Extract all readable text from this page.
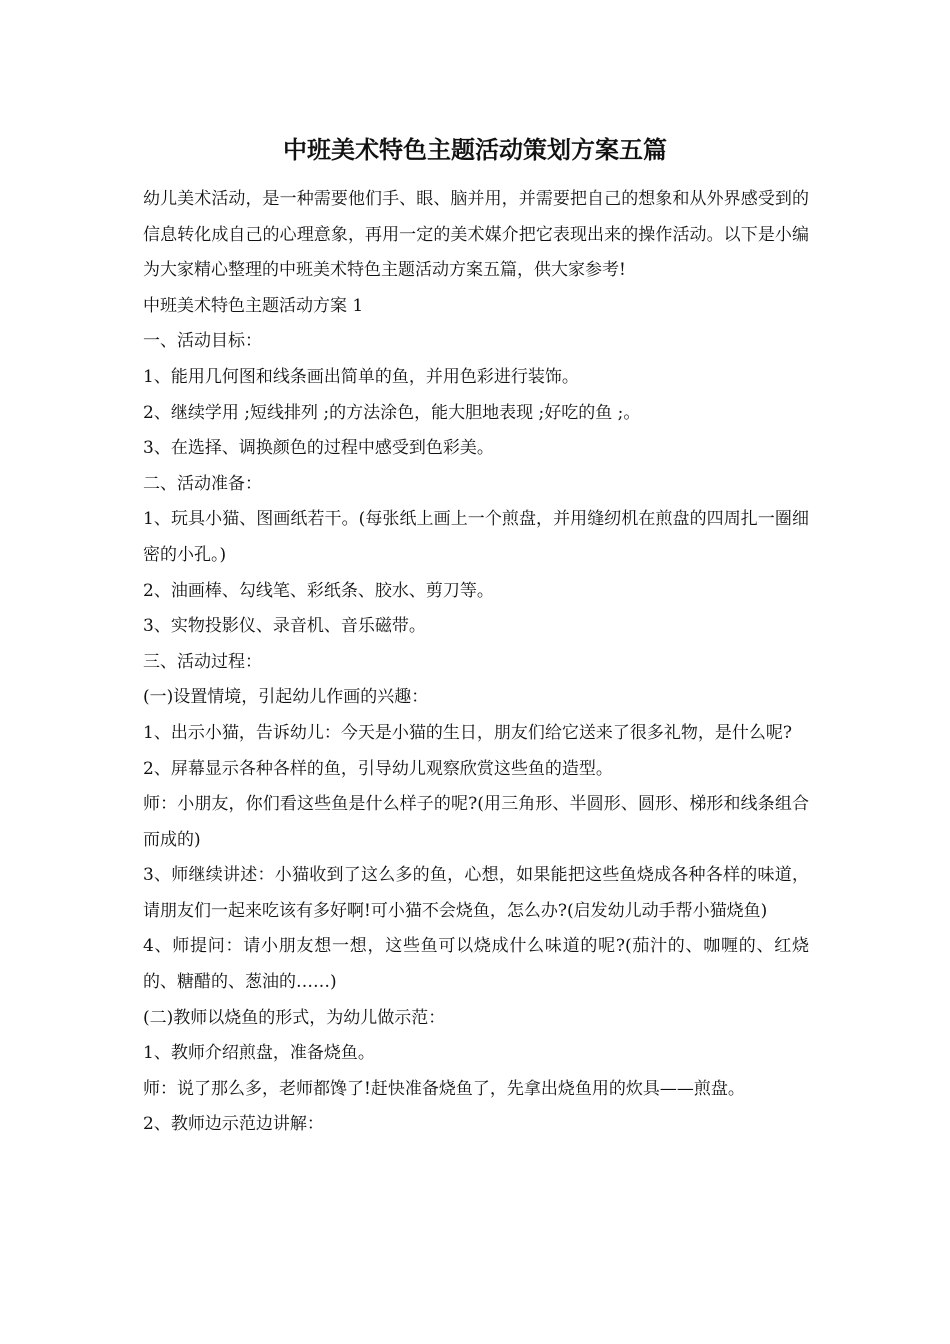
中班美术特色主题活动策划方案五篇

幼儿美术活动，是一种需要他们手、眼、脑并用，并需要把自己的想象和从外界感受到的信息转化成自己的心理意象，再用一定的美术媒介把它表现出来的操作活动。以下是小编为大家精心整理的中班美术特色主题活动方案五篇，供大家参考!

中班美术特色主题活动方案 1

一、活动目标：

1、能用几何图和线条画出简单的鱼，并用色彩进行装饰。

2、继续学用 ;短线排列 ;的方法涂色，能大胆地表现 ;好吃的鱼 ;。

3、在选择、调换颜色的过程中感受到色彩美。

二、活动准备：

1、玩具小猫、图画纸若干。(每张纸上画上一个煎盘，并用缝纫机在煎盘的四周扎一圈细密的小孔。)

2、油画棒、勾线笔、彩纸条、胶水、剪刀等。

3、实物投影仪、录音机、音乐磁带。

三、活动过程：

(一)设置情境，引起幼儿作画的兴趣：

1、出示小猫，告诉幼儿：今天是小猫的生日，朋友们给它送来了很多礼物，是什么呢?

2、屏幕显示各种各样的鱼，引导幼儿观察欣赏这些鱼的造型。

师：小朋友，你们看这些鱼是什么样子的呢?(用三角形、半圆形、圆形、梯形和线条组合而成的)

3、师继续讲述：小猫收到了这么多的鱼，心想，如果能把这些鱼烧成各种各样的味道，请朋友们一起来吃该有多好啊!可小猫不会烧鱼，怎么办?(启发幼儿动手帮小猫烧鱼)

4、师提问：请小朋友想一想，这些鱼可以烧成什么味道的呢?(茄汁的、咖喱的、红烧的、糖醋的、葱油的……)

(二)教师以烧鱼的形式，为幼儿做示范：

1、教师介绍煎盘，准备烧鱼。

师：说了那么多，老师都馋了!赶快准备烧鱼了，先拿出烧鱼用的炊具——煎盘。

2、教师边示范边讲解：
